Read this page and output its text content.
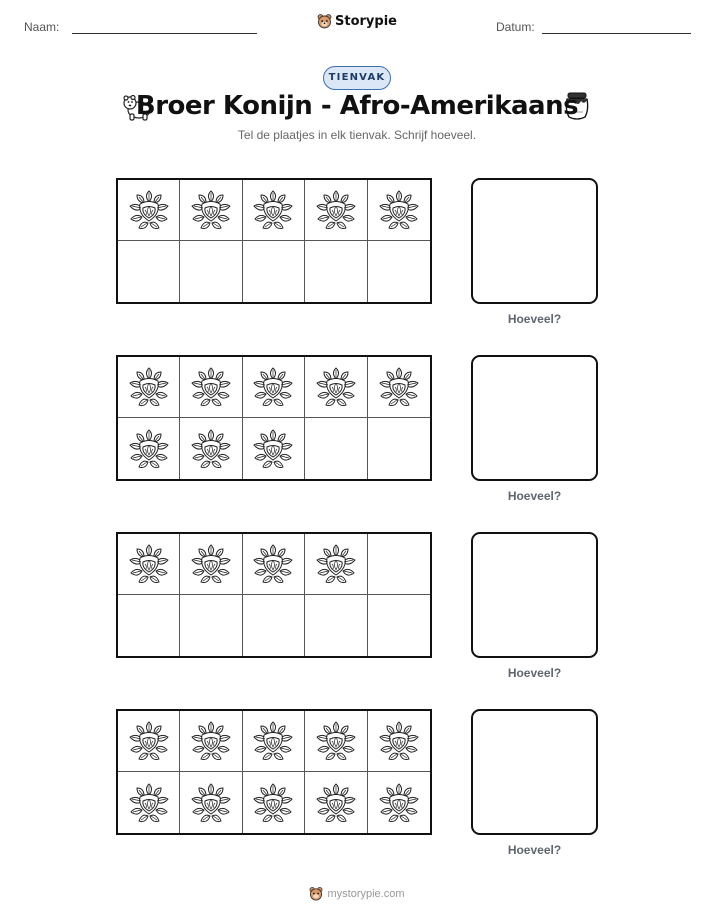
Naam:	Datum:
Storypie
TIENVAK
Broer Konijn - Afro-Amerikaans
Tel de plaatjes in elk tienvak. Schrijf hoeveel.
Hoeveel?
Hoeveel?
Hoeveel?
Hoeveel?
mystorypie.com
